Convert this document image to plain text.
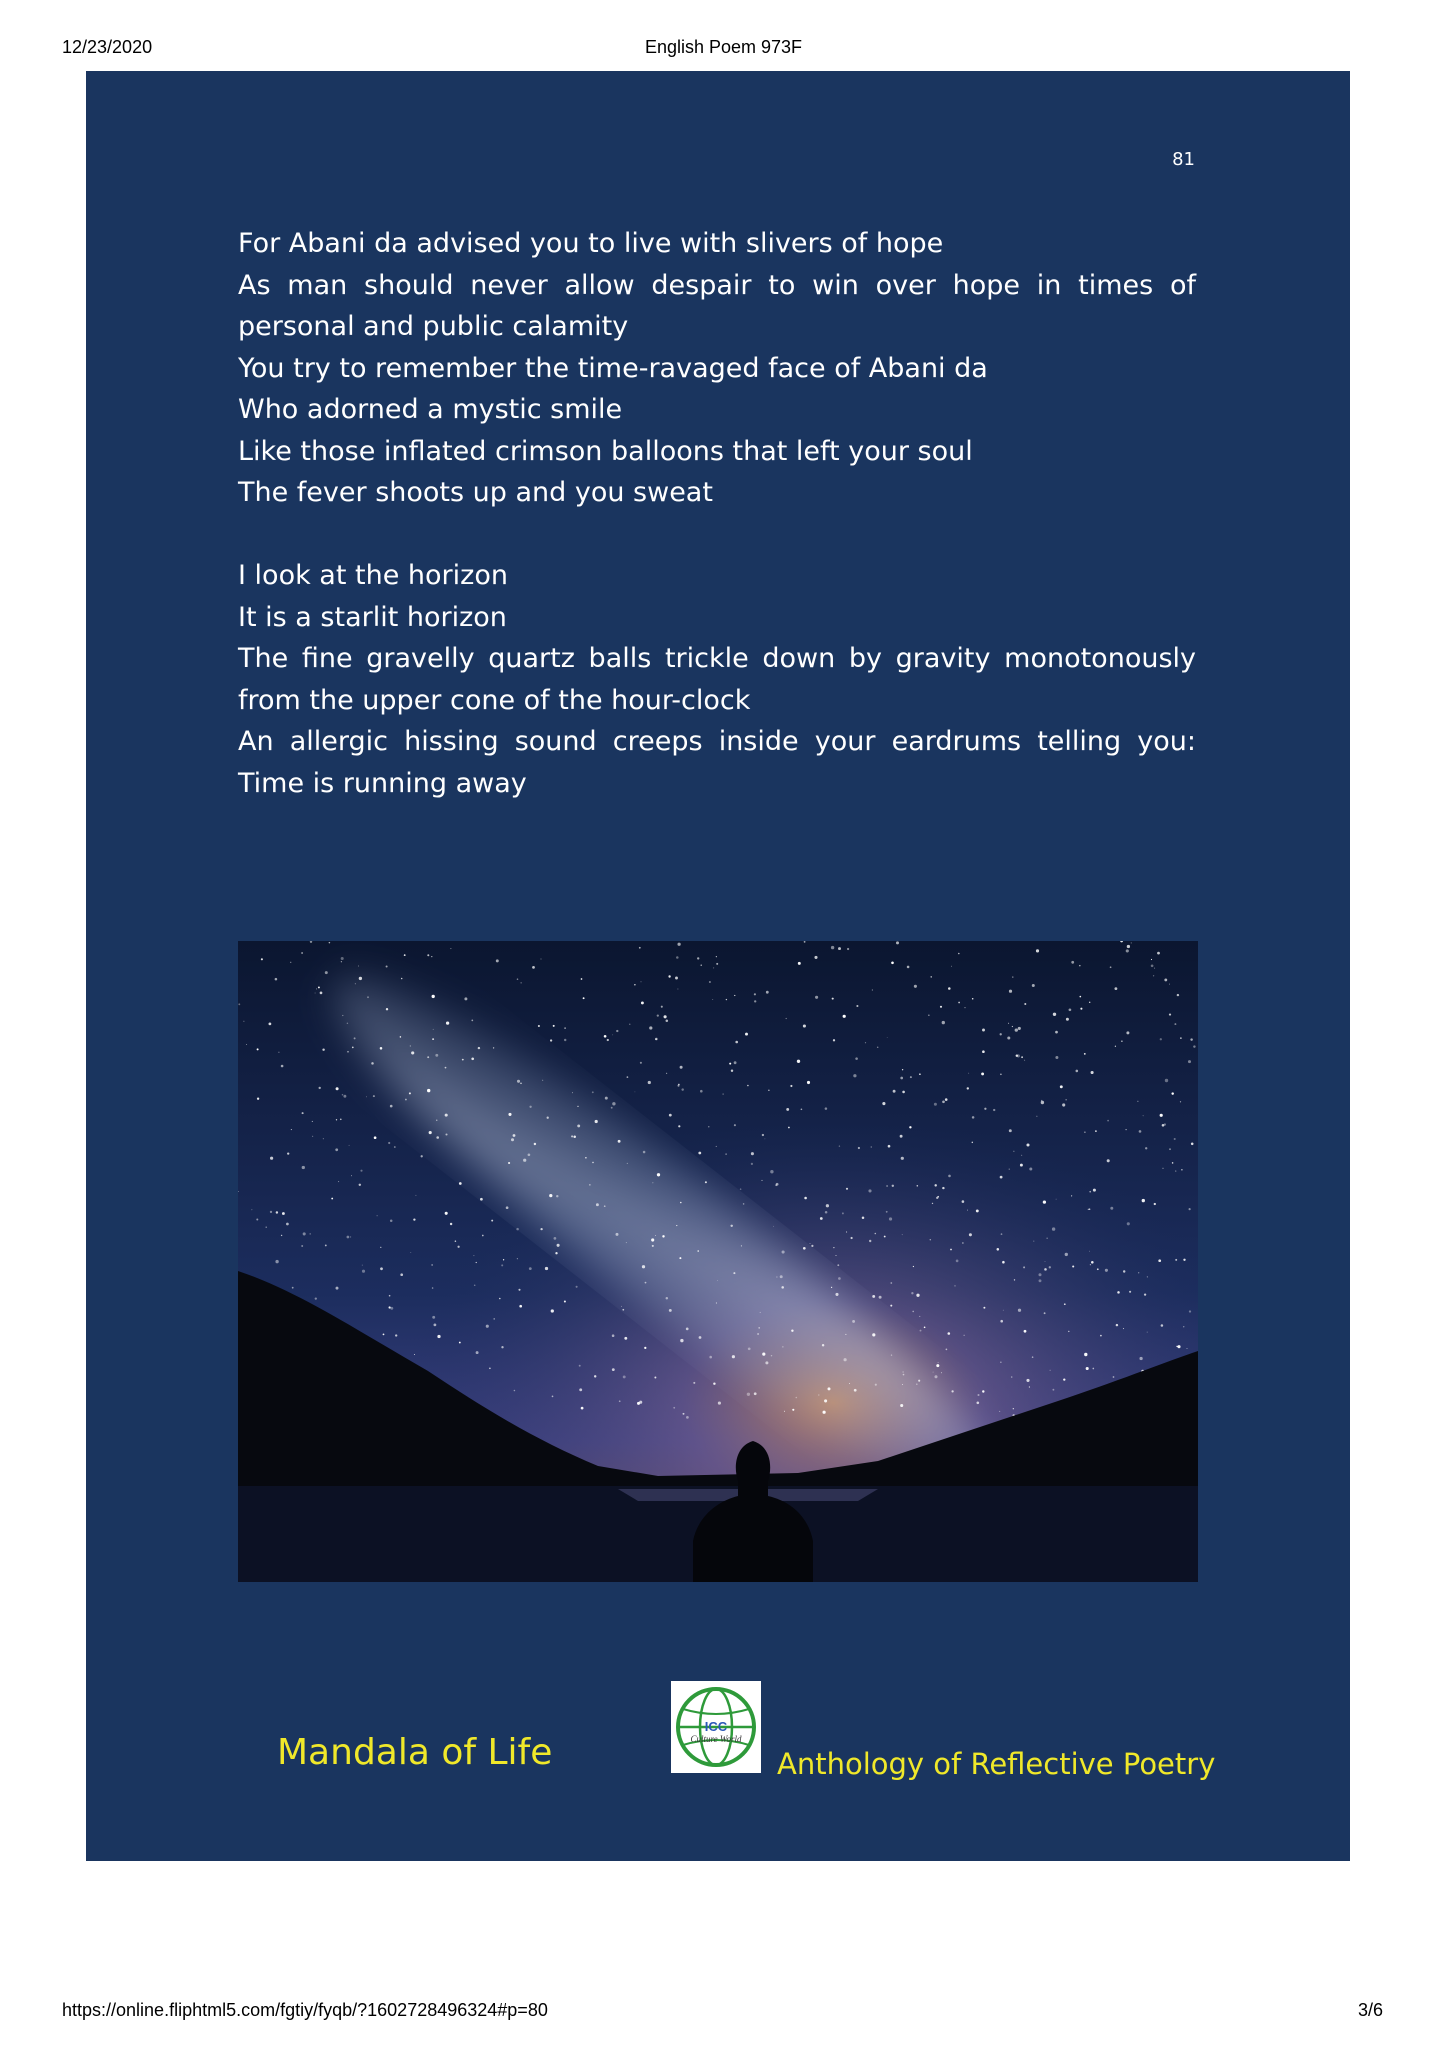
12/23/2020	English Poem 973F
81
For Abani da advised you to live with slivers of hope
As man should never allow despair to win over hope in times of
personal and public calamity
You try to remember the time-ravaged face of Abani da
Who adorned a mystic smile
Like those inflated crimson balloons that left your soul
The fever shoots up and you sweat
I look at the horizon
It is a starlit horizon
The fine gravelly quartz balls trickle down by gravity monotonously
from the upper cone of the hour-clock
An allergic hissing sound creeps inside your eardrums telling you:
Time is running away
Mandala of Life
ICC
Culture World
Anthology of Reflective Poetry
https://online.fliphtml5.com/fgtiy/fyqb/?1602728496324#p=80	3/6
